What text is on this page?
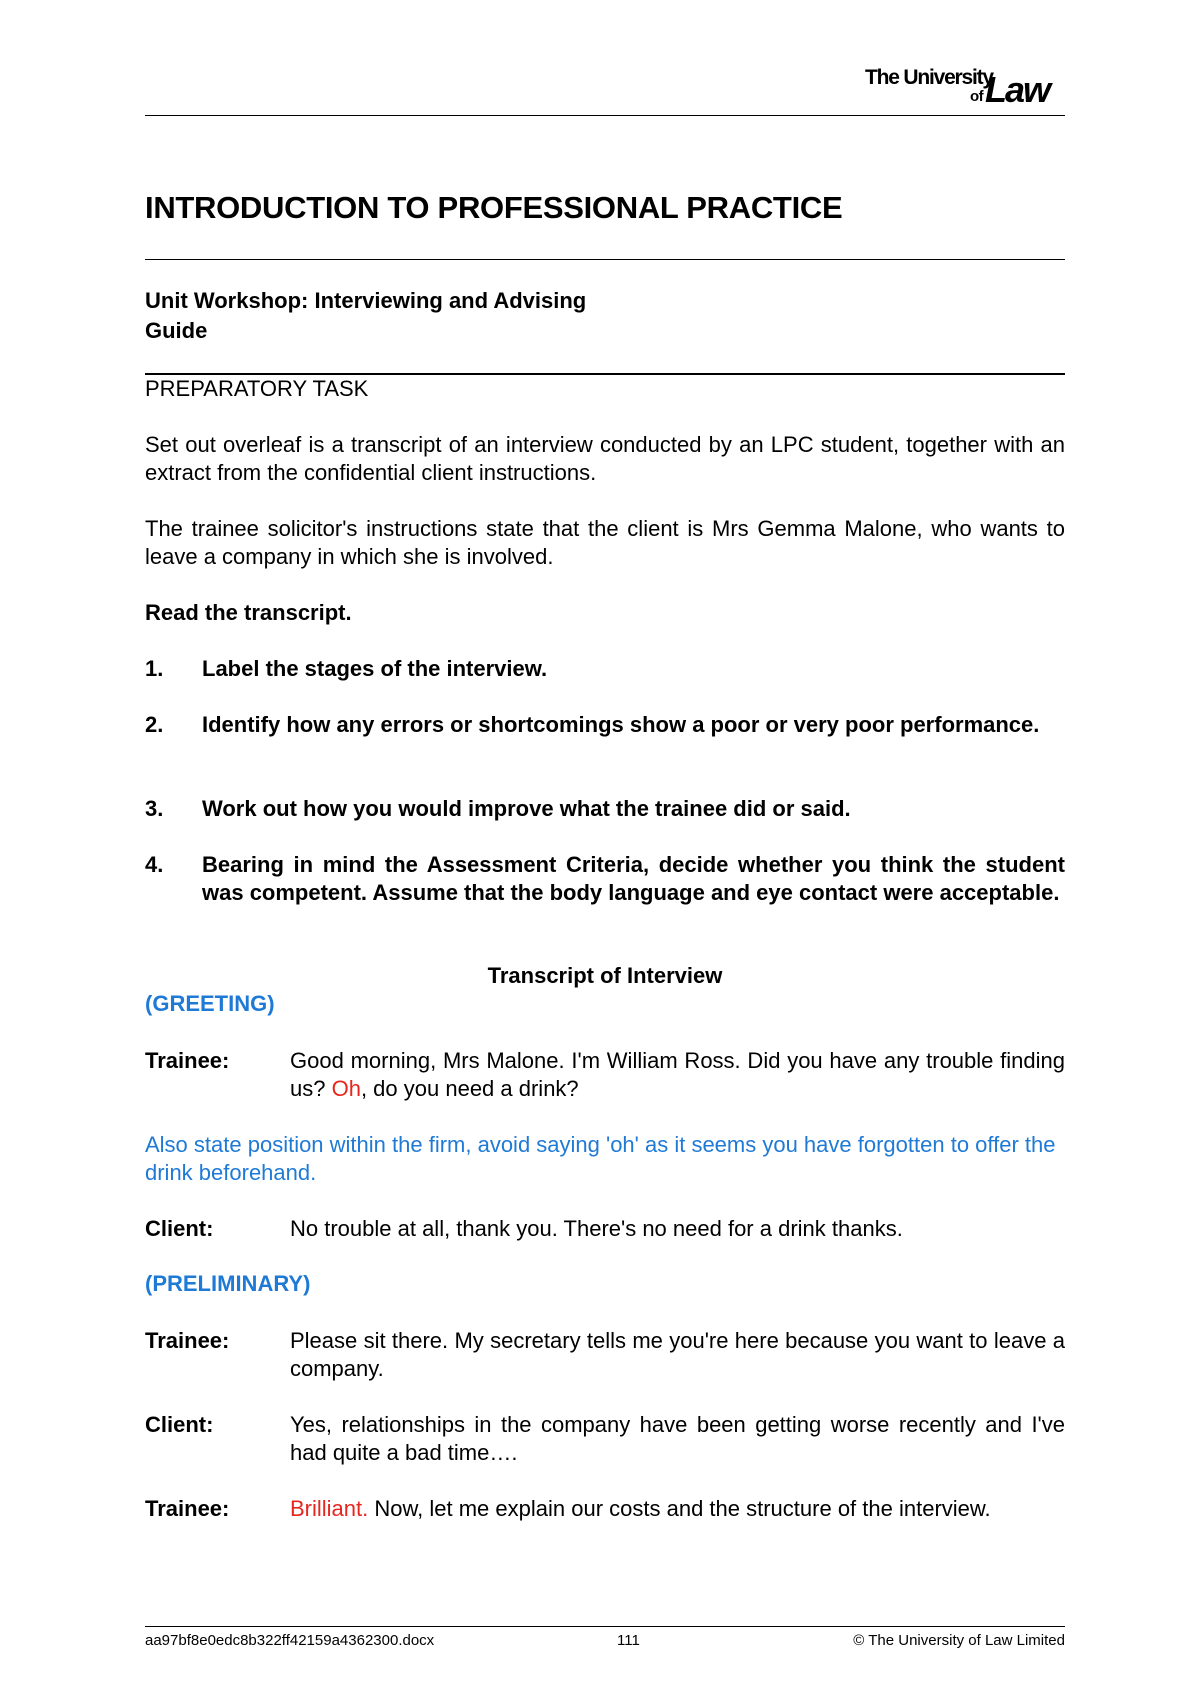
The University
of Law
INTRODUCTION TO PROFESSIONAL PRACTICE
Unit Workshop: Interviewing and Advising
Guide
PREPARATORY TASK
Set out overleaf is a transcript of an interview conducted by an LPC student, together with an extract from the confidential client instructions.
The trainee solicitor's instructions state that the client is Mrs Gemma Malone, who wants to leave a company in which she is involved.
Read the transcript.
1. Label the stages of the interview.
2. Identify how any errors or shortcomings show a poor or very poor performance.
3. Work out how you would improve what the trainee did or said.
4. Bearing in mind the Assessment Criteria, decide whether you think the student was competent. Assume that the body language and eye contact were acceptable.
Transcript of Interview
(GREETING)
Trainee:	Good morning, Mrs Malone. I'm William Ross. Did you have any trouble finding us? Oh, do you need a drink?
Also state position within the firm, avoid saying 'oh' as it seems you have forgotten to offer the drink beforehand.
Client:	No trouble at all, thank you. There's no need for a drink thanks.
(PRELIMINARY)
Trainee:	Please sit there. My secretary tells me you're here because you want to leave a company.
Client:	Yes, relationships in the company have been getting worse recently and I've had quite a bad time….
Trainee:	Brilliant. Now, let me explain our costs and the structure of the interview.
aa97bf8e0edc8b322ff42159a4362300.docx	111	© The University of Law Limited
